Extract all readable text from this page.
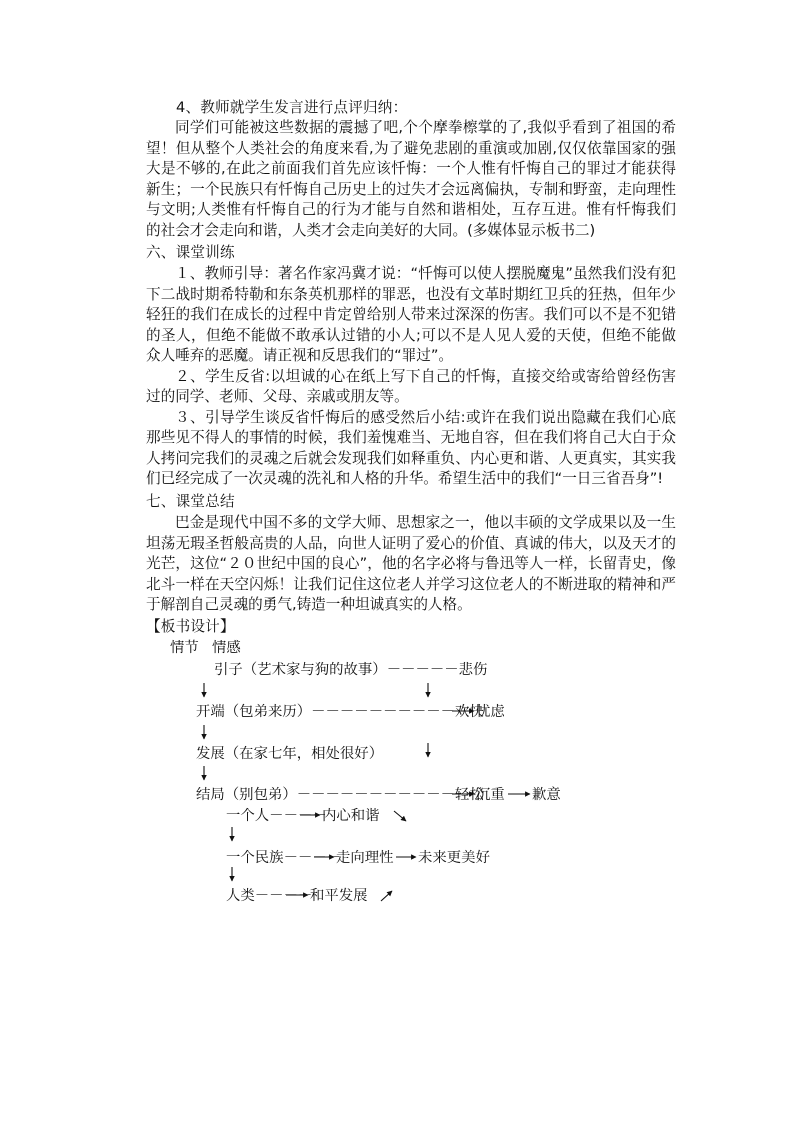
4、教师就学生发言进行点评归纳：

同学们可能被这些数据的震撼了吧,个个摩拳檫掌的了,我似乎看到了祖国的希望！但从整个人类社会的角度来看,为了避免悲剧的重演或加剧,仅仅依靠国家的强大是不够的,在此之前面我们首先应该忏悔：一个人惟有忏悔自己的罪过才能获得新生；一个民族只有忏悔自己历史上的过失才会远离偏执，专制和野蛮，走向理性与文明;人类惟有忏悔自己的行为才能与自然和谐相处，互存互进。惟有忏悔我们的社会才会走向和谐，人类才会走向美好的大同。(多媒体显示板书二)

六、课堂训练

１、教师引导：著名作家冯冀才说：“忏悔可以使人摆脱魔鬼”虽然我们没有犯下二战时期希特勒和东条英机那样的罪恶，也没有文革时期红卫兵的狂热，但年少轻狂的我们在成长的过程中肯定曾给别人带来过深深的伤害。我们可以不是不犯错的圣人，但绝不能做不敢承认过错的小人;可以不是人见人爱的天使，但绝不能做众人唾弃的恶魔。请正视和反思我们的“罪过”。

２、学生反省:以坦诚的心在纸上写下自己的忏悔，直接交给或寄给曾经伤害过的同学、老师、父母、亲戚或朋友等。

３、引导学生谈反省忏悔后的感受然后小结:或许在我们说出隐藏在我们心底那些见不得人的事情的时候，我们羞愧难当、无地自容，但在我们将自己大白于众人拷问完我们的灵魂之后就会发现我们如释重负、内心更和谐、人更真实，其实我们已经完成了一次灵魂的洗礼和人格的升华。希望生活中的我们“一日三省吾身”!

七、课堂总结

巴金是现代中国不多的文学大师、思想家之一，他以丰硕的文学成果以及一生坦荡无瑕圣哲般高贵的人品，向世人证明了爱心的价值、真诚的伟大，以及天才的光芒，这位“２０世纪中国的良心”，他的名字必将与鲁迅等人一样，长留青史，像北斗一样在天空闪烁！让我们记住这位老人并学习这位老人的不断进取的精神和严于解剖自己灵魂的勇气,铸造一种坦诚真实的人格。

【板书设计】
情节 情感
引子（艺术家与狗的故事）－－－－－悲伤
开端（包弟来历）－－－－－－－－－－欢快
忧虑
发展（在家七年，相处很好）
结局（别包弟）－－－－－－－－－－－轻松
沉重 歉意
一个人－－－－
内心和谐
一个民族－－－－
走向理性 未来更美好
人类－－－－
和平发展
